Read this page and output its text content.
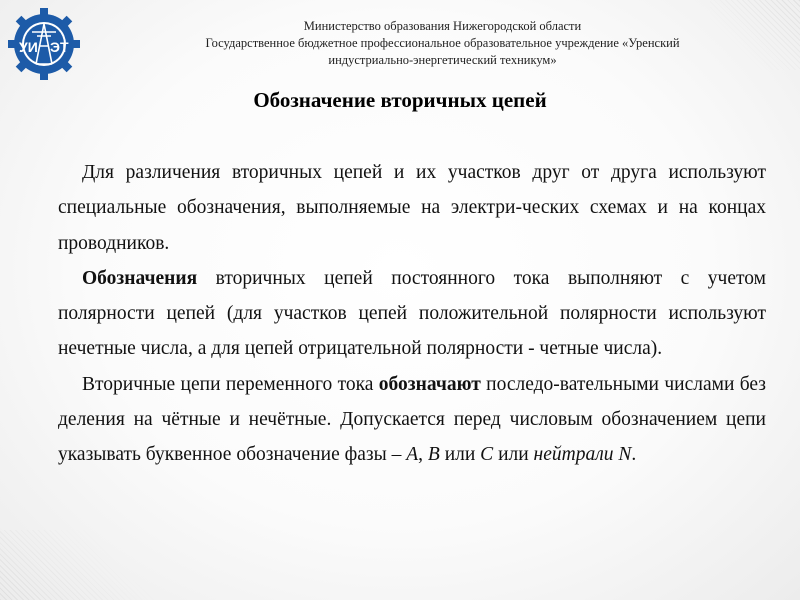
УИ ЭТ
Министерство образования Нижегородской области
Государственное бюджетное профессиональное образовательное учреждение «Уренский
индустриально-энергетический техникум»
Обозначение вторичных цепей

Для различения вторичных цепей и их участков друг от друга используют специальные обозначения, выполняемые на электри-ческих схемах и на концах проводников.

Обозначения вторичных цепей постоянного тока выполняют с учетом полярности цепей (для участков цепей положительной полярности используют нечетные числа, а для цепей отрицательной полярности - четные числа).

Вторичные цепи переменного тока обозначают последо-вательными числами без деления на чётные и нечётные. Допускается перед числовым обозначением цепи указывать буквенное обозначение фазы – А, В или С или нейтрали N.
